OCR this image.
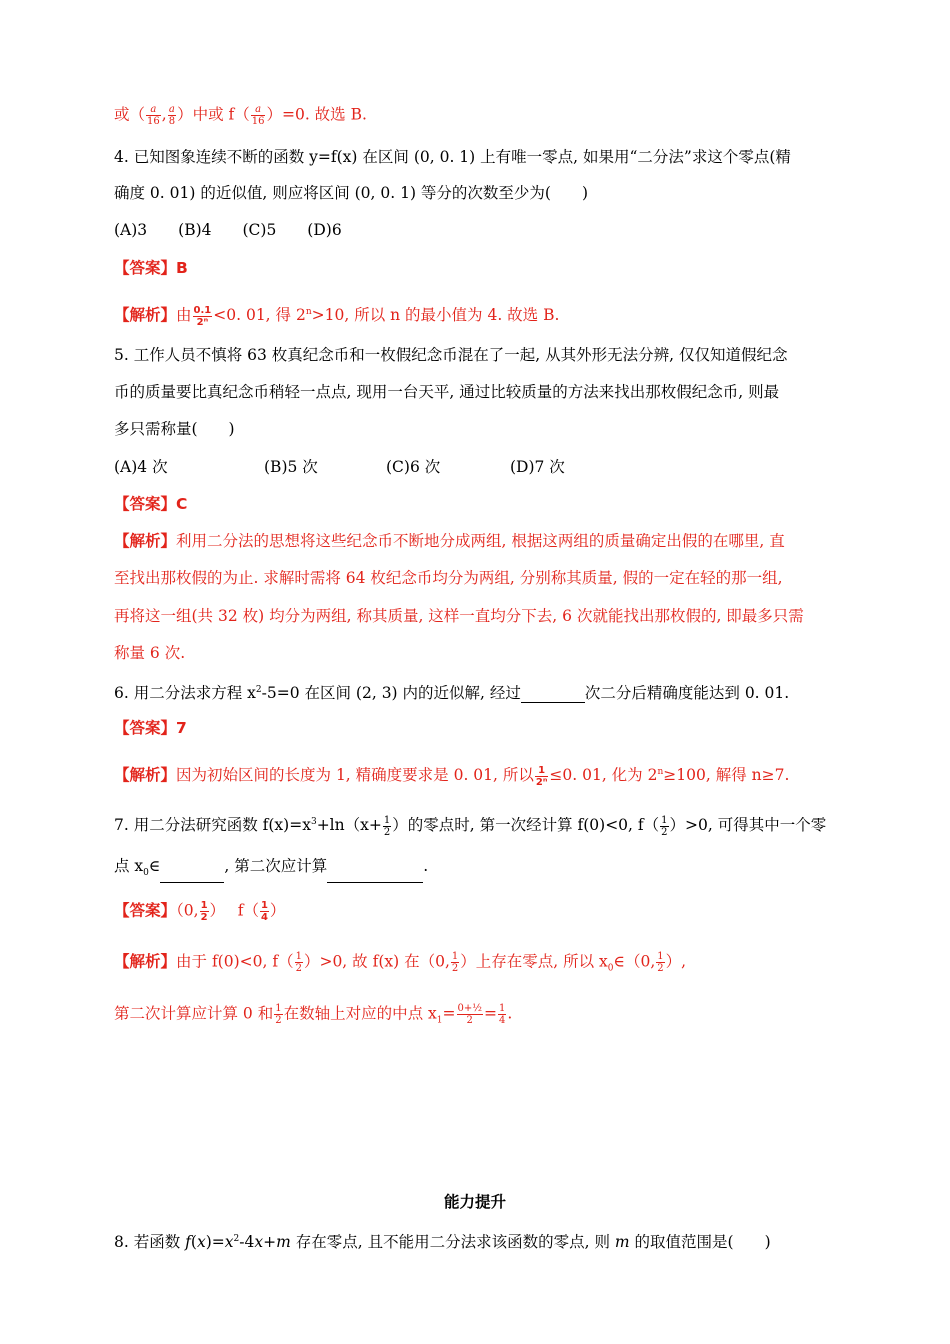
或（ $\frac{a}{16}$ , $\frac{a}{8}$ ）中或 $f( \frac{a}{16} )=0$. 故选 B.
4. 已知图象连续不断的函数 y=f(x) 在区间 (0, 0. 1) 上有唯一零点, 如果用“二分法”求这个零点(精
确度 0. 01) 的近似值, 则应将区间 (0, 0. 1) 等分的次数至少为(　　)
(A)3　　(B)4　　(C)5　　(D)6
【答案】B
【解析】由 $\frac{0.1}{\text{2ⁿ}} <0$. 01, 得 $2^n>10$, 所以 n 的最小值为 4. 故选 B.
5. 工作人员不慎将 63 枚真纪念币和一枚假纪念币混在了一起, 从其外形无法分辨, 仅仅知道假纪念
币的质量要比真纪念币稍轻一点点, 现用一台天平, 通过比较质量的方法来找出那枚假纪念币, 则最
多只需称量(　　)
(A)4 次	(B)5 次	(C)6 次	(D)7 次
【答案】C
【解析】利用二分法的思想将这些纪念币不断地分成两组, 根据这两组的质量确定出假的在哪里, 直
至找出那枚假的为止. 求解时需将 64 枚纪念币均分为两组, 分别称其质量, 假的一定在轻的那一组,
再将这一组(共 32 枚) 均分为两组, 称其质量, 这样一直均分下去, 6 次就能找出那枚假的, 即最多只需
称量 6 次.
6. 用二分法求方程 $x^2-5=0$ 在区间 (2, 3) 内的近似解, 经过	次二分后精确度能达到 0. 01.
【答案】7
【解析】因为初始区间的长度为 1, 精确度要求是 0. 01, 所以 $\frac{1}{\text{2ⁿ}} \le 0$. 01, 化为 $2^n\ge 100$, 解得 n≥7.
7. 用二分法研究函数 $f(x)=x^3+\ln(x+ \frac{1}{2}$ ）的零点时, 第一次经计算 f(0)<0, $f( \frac{1}{2} )>0$, 可得其中一个零
点 $x_0\in$	, 第二次应计算	.
【答案】（0, $\frac{1}{2}$ ）　 $f( \frac{1}{4}$ ）
【解析】由于 f(0)<0, $f( \frac{1}{2} )>0$, 故 f(x) 在（0, $\frac{1}{2}$ ）上存在零点, 所以 $x_0\in(0$, $\frac{1}{2}$ ）,
第二次计算应计算 0 和 $\frac{1}{2}$ 在数轴上对应的中点 $x_1= \frac{\text{0+½}}{2} = \frac{1}{4}$ .
能力提升
8. 若函数 $f(x)=x^2-4x+m$ 存在零点, 且不能用二分法求该函数的零点, 则 m 的取值范围是(　　)
